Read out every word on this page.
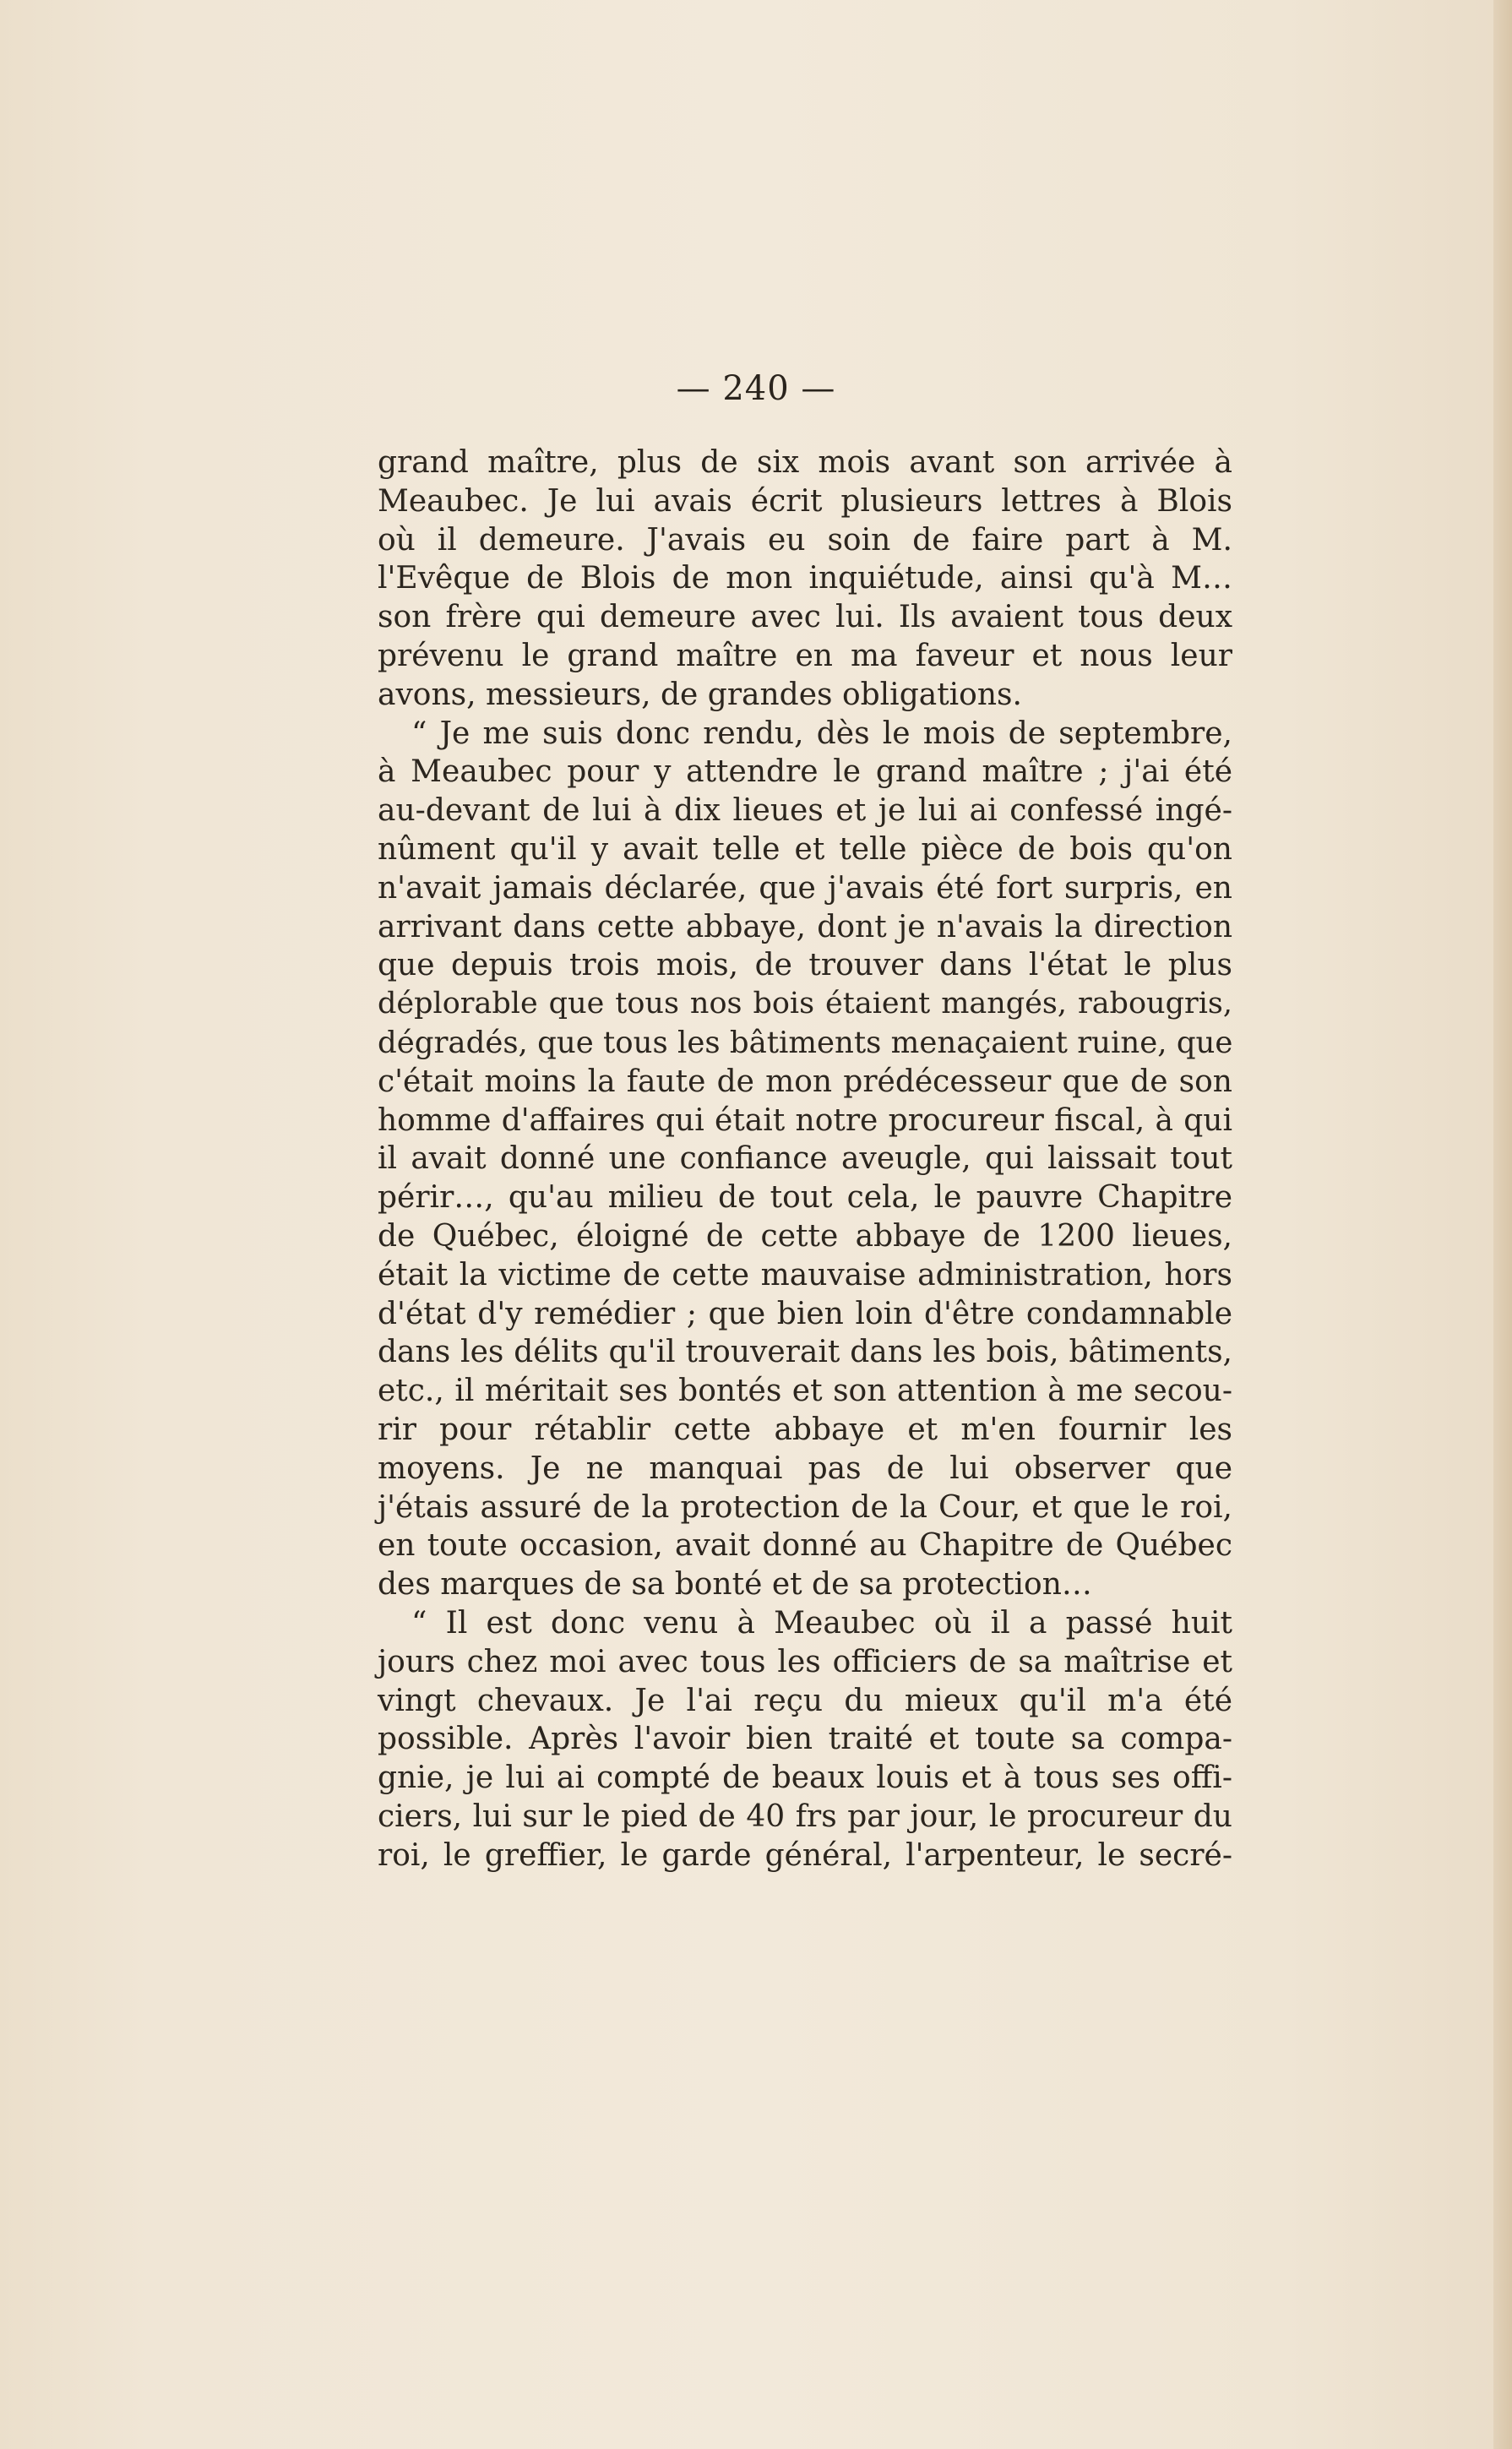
— 240 —

grand maître, plus de six mois avant son arrivée à
Meaubec. Je lui avais écrit plusieurs lettres à Blois
où il demeure. J'avais eu soin de faire part à M.
l'Evêque de Blois de mon inquiétude, ainsi qu'à M…
son frère qui demeure avec lui. Ils avaient tous deux
prévenu le grand maître en ma faveur et nous leur
avons, messieurs, de grandes obligations.
“ Je me suis donc rendu, dès le mois de septembre,
à Meaubec pour y attendre le grand maître ; j'ai été
au-devant de lui à dix lieues et je lui ai confessé ingé-
nûment qu'il y avait telle et telle pièce de bois qu'on
n'avait jamais déclarée, que j'avais été fort surpris, en
arrivant dans cette abbaye, dont je n'avais la direction
que depuis trois mois, de trouver dans l'état le plus
déplorable que tous nos bois étaient mangés, rabougris,
dégradés, que tous les bâtiments menaçaient ruine, que
c'était moins la faute de mon prédécesseur que de son
homme d'affaires qui était notre procureur fiscal, à qui
il avait donné une confiance aveugle, qui laissait tout
périr…, qu'au milieu de tout cela, le pauvre Chapitre
de Québec, éloigné de cette abbaye de 1200 lieues,
était la victime de cette mauvaise administration, hors
d'état d'y remédier ; que bien loin d'être condamnable
dans les délits qu'il trouverait dans les bois, bâtiments,
etc., il méritait ses bontés et son attention à me secou-
rir pour rétablir cette abbaye et m'en fournir les
moyens. Je ne manquai pas de lui observer que
j'étais assuré de la protection de la Cour, et que le roi,
en toute occasion, avait donné au Chapitre de Québec
des marques de sa bonté et de sa protection…
“ Il est donc venu à Meaubec où il a passé huit
jours chez moi avec tous les officiers de sa maîtrise et
vingt chevaux. Je l'ai reçu du mieux qu'il m'a été
possible. Après l'avoir bien traité et toute sa compa-
gnie, je lui ai compté de beaux louis et à tous ses offi-
ciers, lui sur le pied de 40 frs par jour, le procureur du
roi, le greffier, le garde général, l'arpenteur, le secré-
